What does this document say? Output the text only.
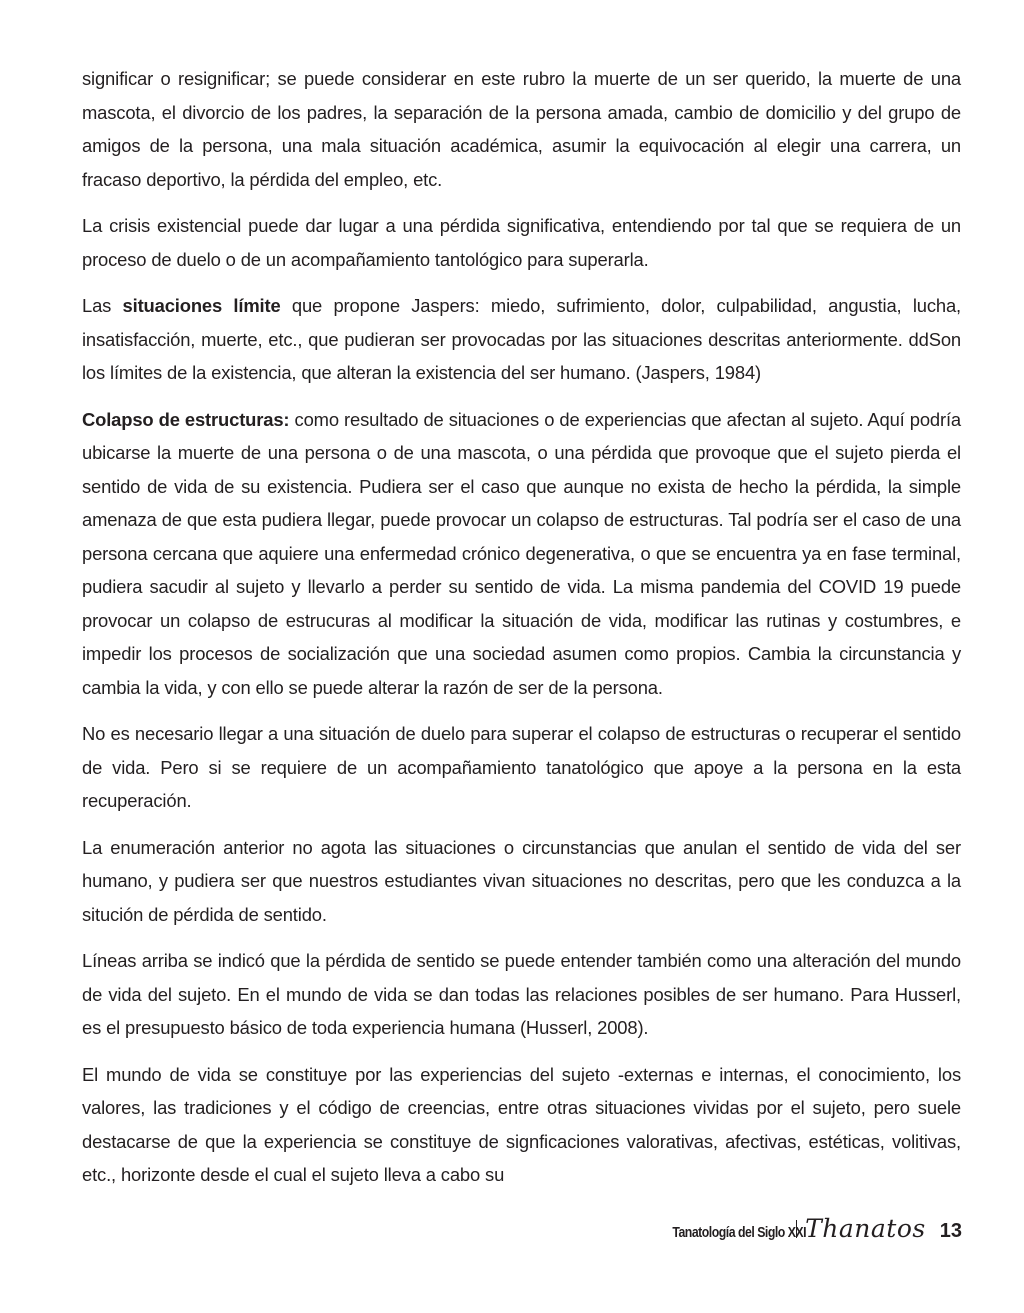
significar o resignificar; se puede considerar en este rubro la muerte de un ser querido, la muerte de una mascota, el divorcio de los padres, la separación de la persona amada, cambio de domicilio y del grupo de amigos de la persona, una mala situación académica, asumir la equivocación al elegir una carrera, un fracaso deportivo, la pérdida del empleo, etc.

La crisis existencial puede dar lugar a una pérdida significativa, entendiendo por tal que se requiera de un proceso de duelo o de un acompañamiento tantológico para superarla.

Las situaciones límite que propone Jaspers: miedo, sufrimiento, dolor, culpabilidad, angustia, lucha, insatisfacción, muerte, etc., que pudieran ser provocadas por las situaciones descritas anteriormente. ddSon los límites de la existencia, que alteran la existencia del ser humano. (Jaspers, 1984)

Colapso de estructuras: como resultado de situaciones o de experiencias que afectan al sujeto. Aquí podría ubicarse la muerte de una persona o de una mascota, o una pérdida que provoque que el sujeto pierda el sentido de vida de su existencia. Pudiera ser el caso que aunque no exista de hecho la pérdida, la simple amenaza de que esta pudiera llegar, puede provocar un colapso de estructuras. Tal podría ser el caso de una persona cercana que aquiere una enfermedad crónico degenerativa, o que se encuentra ya en fase terminal, pudiera sacudir al sujeto y llevarlo a perder su sentido de vida. La misma pandemia del COVID 19 puede provocar un colapso de estrucuras al modificar la situación de vida, modificar las rutinas y costumbres, e impedir los procesos de socialización que una sociedad asumen como propios. Cambia la circunstancia y cambia la vida, y con ello se puede alterar la razón de ser de la persona.

No es necesario llegar a una situación de duelo para superar el colapso de estructuras o recuperar el sentido de vida. Pero si se requiere de un acompañamiento tanatológico que apoye a la persona en la esta recuperación.

La enumeración anterior no agota las situaciones o circunstancias que anulan el sentido de vida del ser humano, y pudiera ser que nuestros estudiantes vivan situaciones no descritas, pero que les conduzca a la situción de pérdida de sentido.

Líneas arriba se indicó que la pérdida de sentido se puede entender también como una alteración del mundo de vida del sujeto. En el mundo de vida se dan todas las relaciones posibles de ser humano. Para Husserl, es el presupuesto básico de toda experiencia humana (Husserl, 2008).

El mundo de vida se constituye por las experiencias del sujeto -externas e internas, el conocimiento, los valores, las tradiciones y el código de creencias, entre otras situaciones vividas por el sujeto, pero suele destacarse de que la experiencia se constituye de signficaciones valorativas, afectivas, estéticas, volitivas, etc., horizonte desde el cual el sujeto lleva a cabo su

Tanatología del Siglo XXI Thanatos 13
